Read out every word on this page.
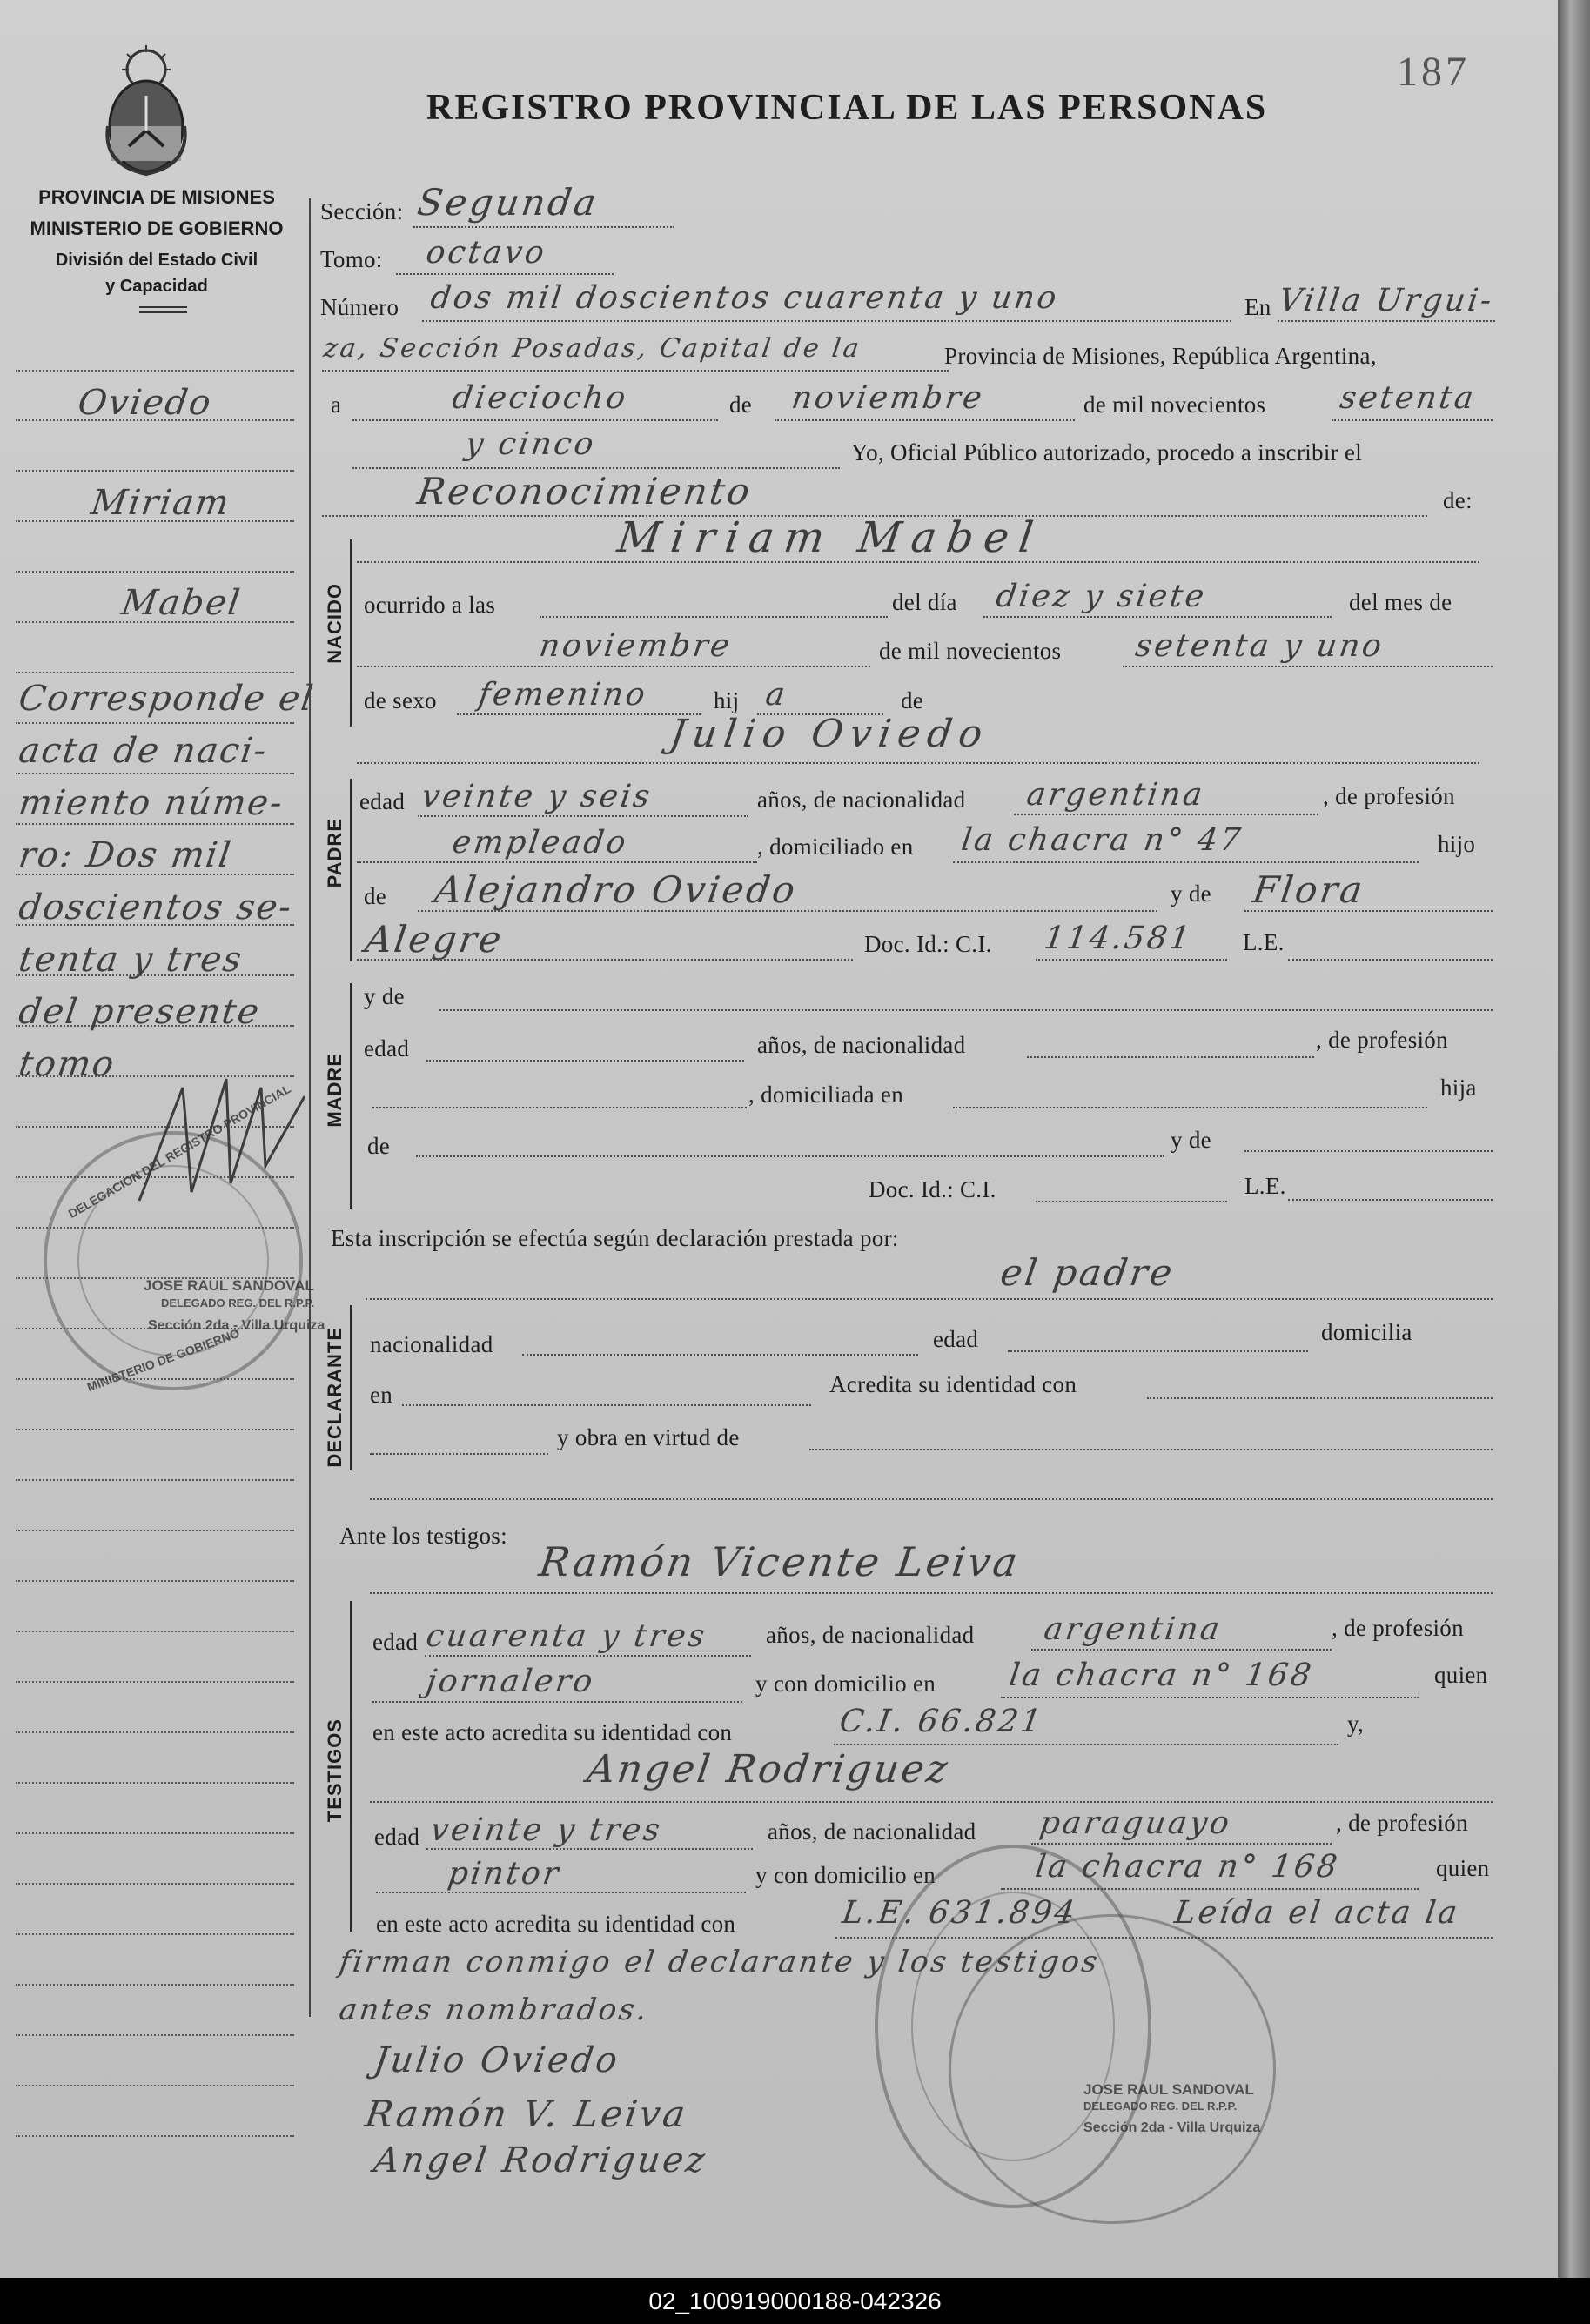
187
REGISTRO PROVINCIAL DE LAS PERSONAS
PROVINCIA DE MISIONES
MINISTERIO DE GOBIERNO
División del Estado Civil
y Capacidad
Oviedo
Miriam
Mabel
Corresponde el
acta de naci-
miento núme-
ro: Dos mil
doscientos se-
tenta y tres
del presente
tomo
Sección: Segunda
Tomo: octavo
Número dos mil doscientos cuarenta y uno	En Villa Urgui-
za, Sección Posadas, Capital de la	Provincia de Misiones, República Argentina,
a	dieciocho	de noviembre	de mil novecientos setenta
y cinco	Yo, Oficial Público autorizado, procedo a inscribir el
Reconocimiento	de:
NACIDO
Miriam Mabel
ocurrido a las	del día diez y siete	del mes de
noviembre	de mil novecientos setenta y uno
de sexo femenino	hij a	de
Julio Oviedo
PADRE
edad veinte y seis	años, de nacionalidad argentina	, de profesión
empleado	, domiciliado en la chacra n° 47	hijo
de Alejandro Oviedo	y de Flora
Alegre	Doc. Id.: C.I. 114.581 L.E.
MADRE
y de
edad	años, de nacionalidad	, de profesión
, domiciliada en	hija
de	y de
Doc. Id.: C.I.	L.E.
Esta inscripción se efectúa según declaración prestada por:
el padre
DECLARANTE nacionalidad	edad	domicilia
en	Acredita su identidad con
y obra en virtud de
Ante los testigos:
Ramón Vicente Leiva
TESTIGOS
edad cuarenta y tres años, de nacionalidad argentina	, de profesión
jornalero	y con domicilio en la chacra n° 168	quien
en este acto acredita su identidad con	C.I. 66.821	y,
Angel Rodriguez
edad veinte y tres	años, de nacionalidad paraguayo	, de profesión
pintor	y con domicilio en	la chacra n° 168	quien
en este acto acredita su identidad con	L.E. 631.894	Leída el acta la
firman conmigo el declarante y los testigos
antes nombrados.
Julio Oviedo
Ramón V. Leiva
Angel Rodriguez
DELEGACION DEL REGISTRO PROVINCIAL
MINISTERIO DE GOBIERNO
JOSE RAUL SANDOVAL
DELEGADO REG. DEL R.P.P.
Sección 2da - Villa Urquiza
JOSE RAUL SANDOVAL
DELEGADO REG. DEL R.P.P.
Sección 2da - Villa Urquiza
02_100919000188-042326
